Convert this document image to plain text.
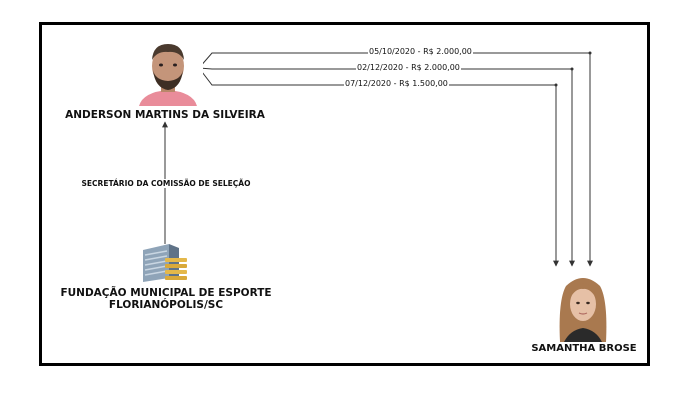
ANDERSON MARTINS DA SILVEIRA
SECRETÁRIO DA COMISSÃO DE SELEÇÃO
FUNDAÇÃO MUNICIPAL DE ESPORTE
FLORIANÓPOLIS/SC
SAMANTHA BROSE
05/10/2020 - R$ 2.000,00
02/12/2020 - R$ 2.000,00
07/12/2020 - R$ 1.500,00
